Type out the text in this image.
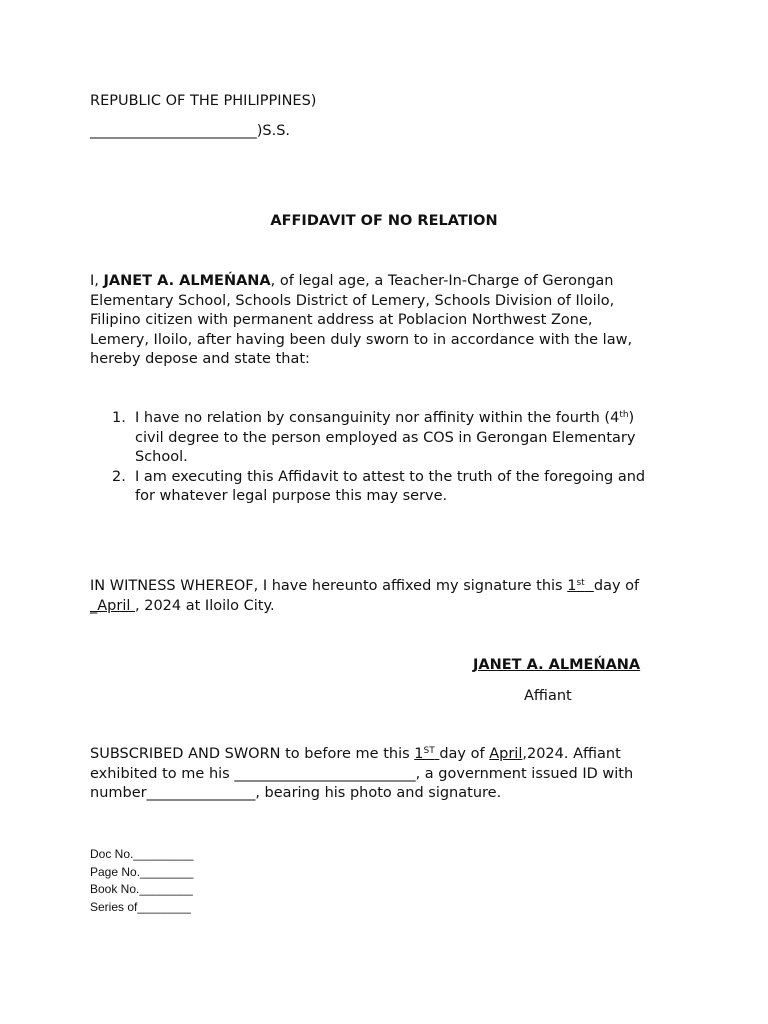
REPUBLIC OF THE PHILIPPINES)

_______________________)S.S.

AFFIDAVIT OF NO RELATION

I, JANET A. ALMEŃANA, of legal age, a Teacher-In-Charge of Gerongan

Elementary School, Schools District of Lemery, Schools Division of Iloilo,

Filipino citizen with permanent address at Poblacion Northwest Zone,

Lemery, Iloilo, after having been duly sworn to in accordance with the law,

hereby depose and state that:

1. I have no relation by consanguinity nor affinity within the fourth (4th)
civil degree to the person employed as COS in Gerongan Elementary
School.
2. I am executing this Affidavit to attest to the truth of the foregoing and
for whatever legal purpose this may serve.

IN WITNESS WHEREOF, I have hereunto affixed my signature this 1st day of

_April , 2024 at Iloilo City.

JANET A. ALMEŃANA

Affiant

SUBSCRIBED AND SWORN to before me this 1ST day of April,2024. Affiant

exhibited to me his _________________________, a government issued ID with

number_______________, bearing his photo and signature.

Doc No._________
Page No.________
Book No.________
Series of________
